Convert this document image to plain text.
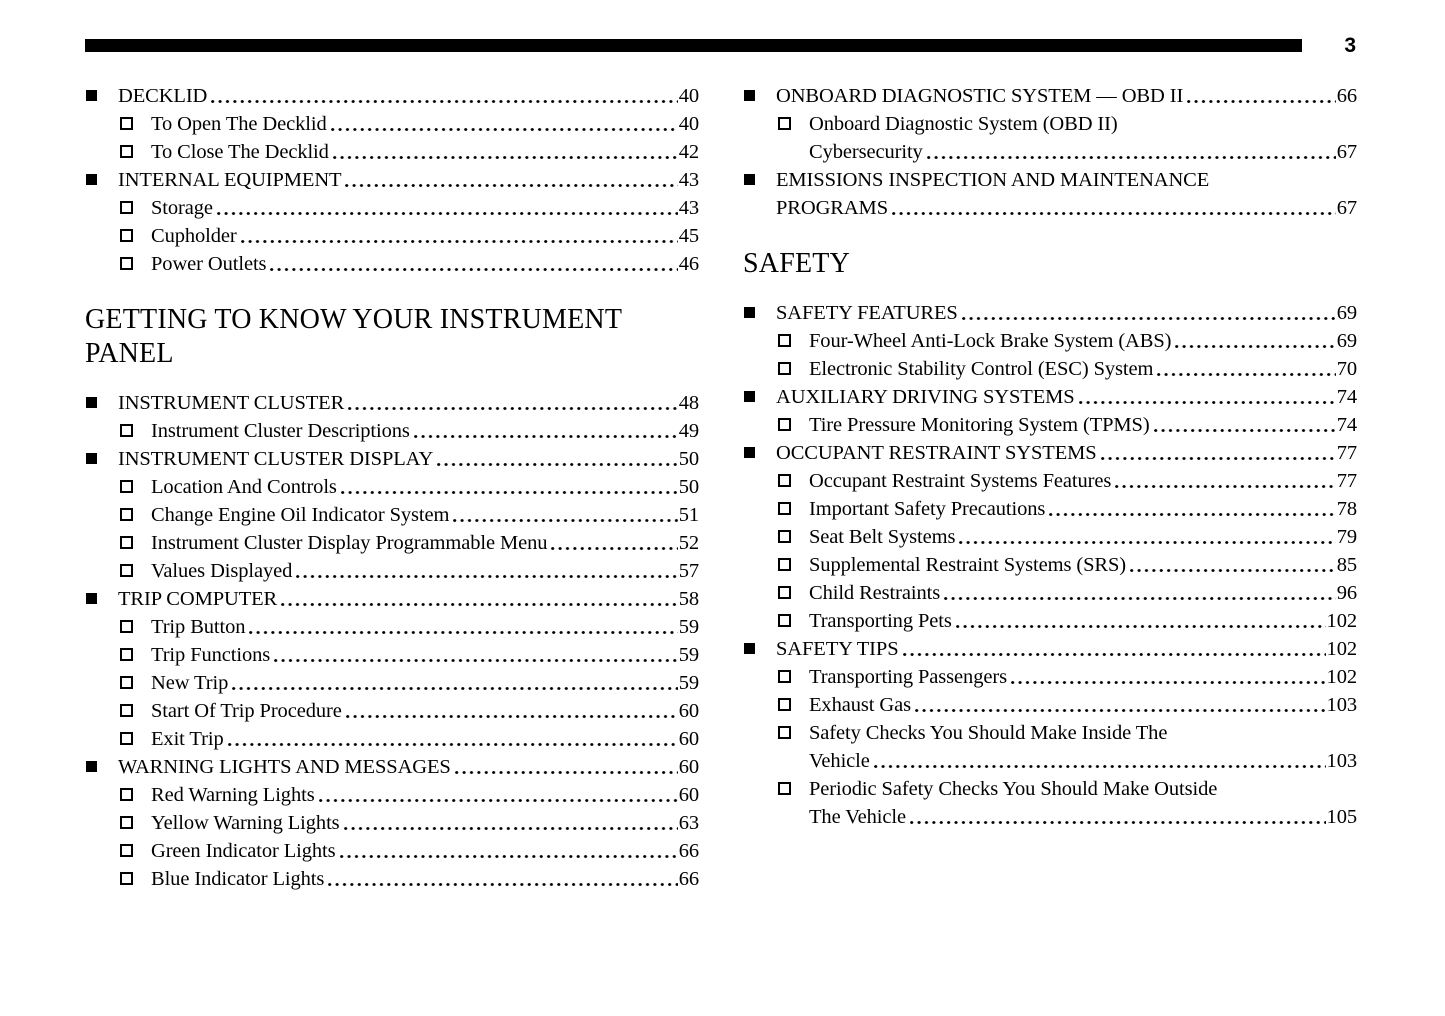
3
DECKLID	40
To Open The Decklid	40
To Close The Decklid	42
INTERNAL EQUIPMENT	43
Storage	43
Cupholder	45
Power Outlets	46
GETTING TO KNOW YOUR INSTRUMENT
PANEL
INSTRUMENT CLUSTER	48
Instrument Cluster Descriptions	49
INSTRUMENT CLUSTER DISPLAY	50
Location And Controls	50
Change Engine Oil Indicator System	51
Instrument Cluster Display Programmable Menu	52
Values Displayed	57
TRIP COMPUTER	58
Trip Button	59
Trip Functions	59
New Trip	59
Start Of Trip Procedure	60
Exit Trip	60
WARNING LIGHTS AND MESSAGES	60
Red Warning Lights	60
Yellow Warning Lights	63
Green Indicator Lights	66
Blue Indicator Lights	66
ONBOARD DIAGNOSTIC SYSTEM — OBD II	66
Onboard Diagnostic System (OBD II)
Cybersecurity	67
EMISSIONS INSPECTION AND MAINTENANCE
PROGRAMS	67
SAFETY
SAFETY FEATURES	69
Four-Wheel Anti-Lock Brake System (ABS)	69
Electronic Stability Control (ESC) System	70
AUXILIARY DRIVING SYSTEMS	74
Tire Pressure Monitoring System (TPMS)	74
OCCUPANT RESTRAINT SYSTEMS	77
Occupant Restraint Systems Features	77
Important Safety Precautions	78
Seat Belt Systems	79
Supplemental Restraint Systems (SRS)	85
Child Restraints	96
Transporting Pets	102
SAFETY TIPS	102
Transporting Passengers	102
Exhaust Gas	103
Safety Checks You Should Make Inside The
Vehicle	103
Periodic Safety Checks You Should Make Outside
The Vehicle	105
